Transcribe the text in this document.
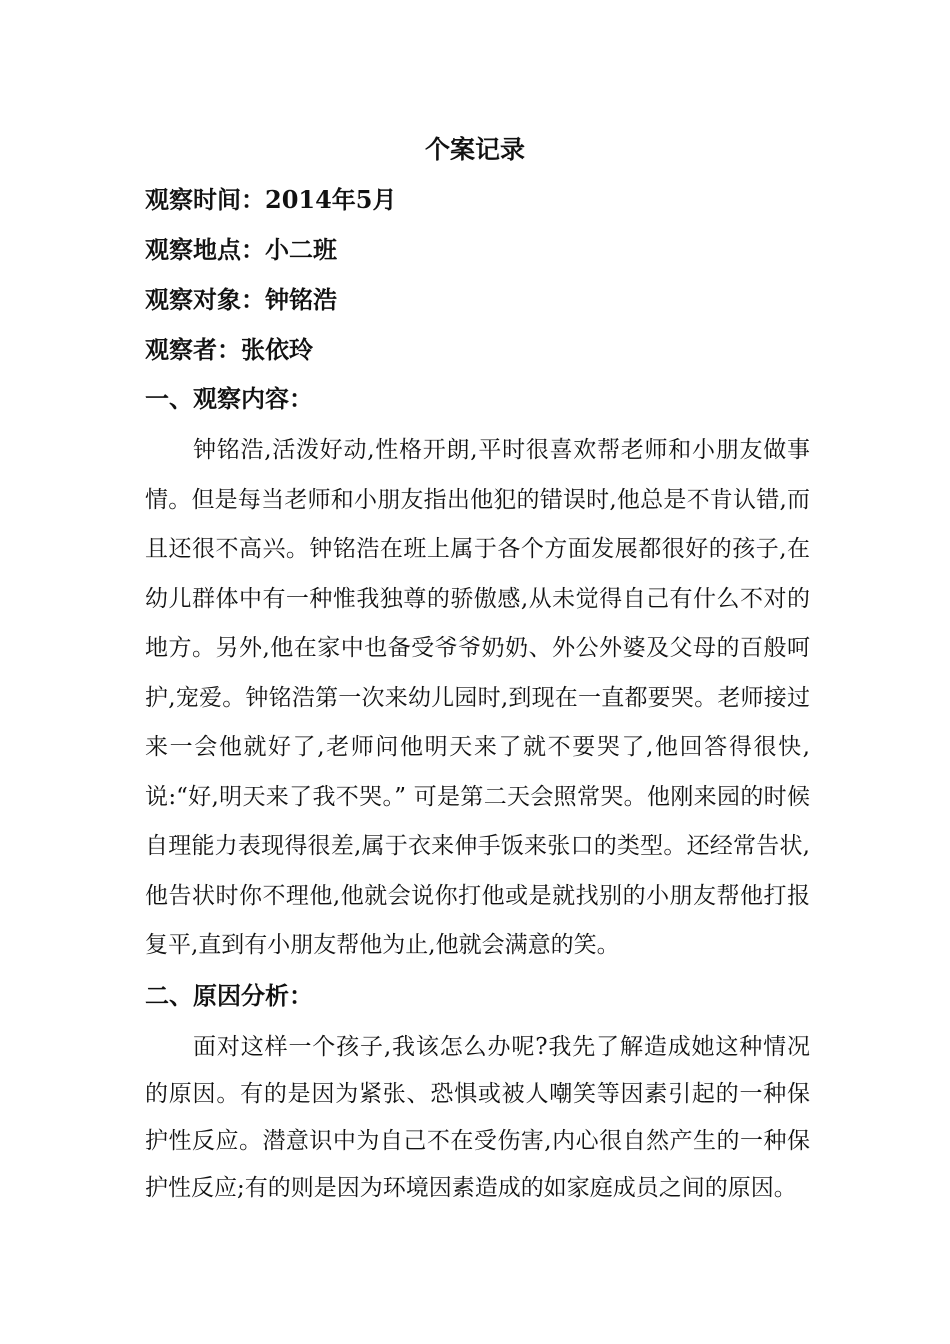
个案记录

观察时间：2014年5月

观察地点：小二班

观察对象：钟铭浩

观察者：张依玲

一、观察内容：

钟铭浩,活泼好动,性格开朗,平时很喜欢帮老师和小朋友做事情。但是每当老师和小朋友指出他犯的错误时,他总是不肯认错,而且还很不高兴。钟铭浩在班上属于各个方面发展都很好的孩子,在幼儿群体中有一种惟我独尊的骄傲感,从未觉得自己有什么不对的地方。另外,他在家中也备受爷爷奶奶、外公外婆及父母的百般呵护,宠爱。钟铭浩第一次来幼儿园时,到现在一直都要哭。老师接过来一会他就好了,老师问他明天来了就不要哭了,他回答得很快,说:“好,明天来了我不哭。” 可是第二天会照常哭。他刚来园的时候自理能力表现得很差,属于衣来伸手饭来张口的类型。还经常告状,他告状时你不理他,他就会说你打他或是就找别的小朋友帮他打报复平,直到有小朋友帮他为止,他就会满意的笑。

二、原因分析：

面对这样一个孩子,我该怎么办呢?我先了解造成她这种情况的原因。有的是因为紧张、恐惧或被人嘲笑等因素引起的一种保护性反应。潜意识中为自己不在受伤害,内心很自然产生的一种保护性反应;有的则是因为环境因素造成的如家庭成员之间的原因。
